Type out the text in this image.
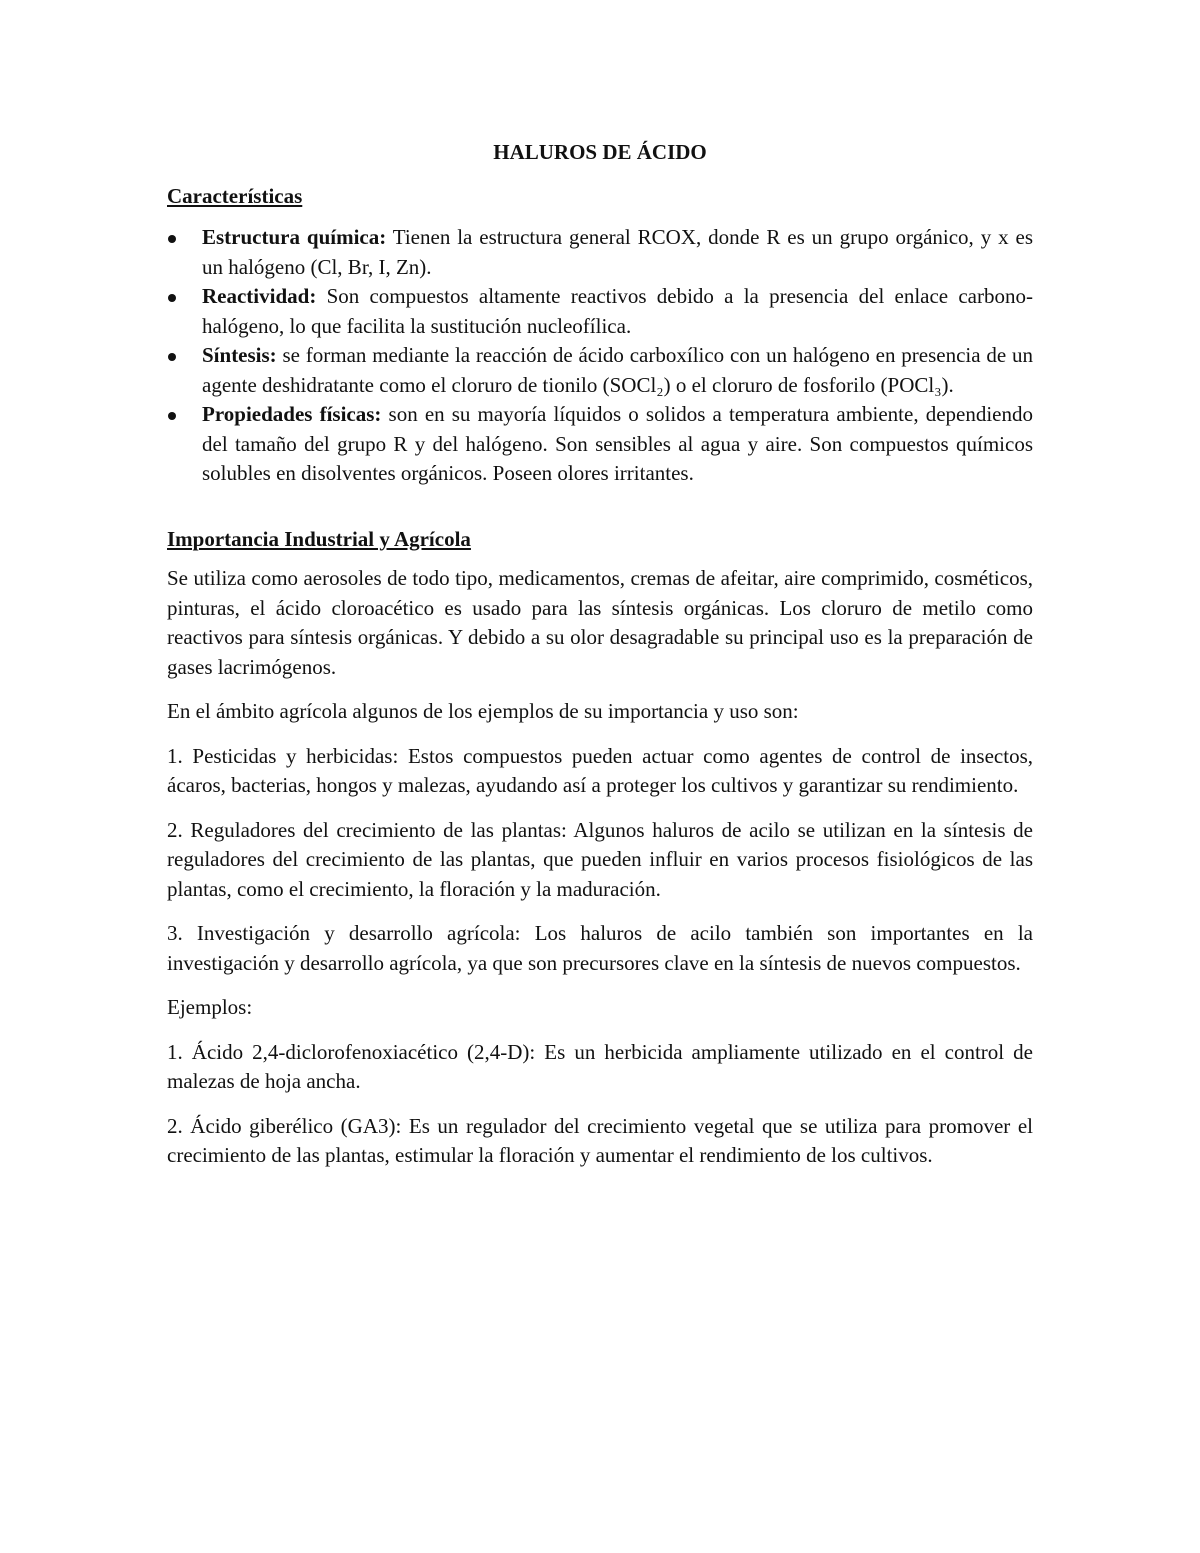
HALUROS DE ÁCIDO
Características
Estructura química: Tienen la estructura general RCOX, donde R es un grupo orgánico, y x es un halógeno (Cl, Br, I, Zn).
Reactividad: Son compuestos altamente reactivos debido a la presencia del enlace carbono-halógeno, lo que facilita la sustitución nucleofílica.
Síntesis: se forman mediante la reacción de ácido carboxílico con un halógeno en presencia de un agente deshidratante como el cloruro de tionilo (SOCl₂) o el cloruro de fosforilo (POCl₃).
Propiedades físicas: son en su mayoría líquidos o solidos a temperatura ambiente, dependiendo del tamaño del grupo R y del halógeno. Son sensibles al agua y aire. Son compuestos químicos solubles en disolventes orgánicos. Poseen olores irritantes.
Importancia Industrial y Agrícola

Se utiliza como aerosoles de todo tipo, medicamentos, cremas de afeitar, aire comprimido, cosméticos, pinturas, el ácido cloroacético es usado para las síntesis orgánicas. Los cloruro de metilo como reactivos para síntesis orgánicas. Y debido a su olor desagradable su principal uso es la preparación de gases lacrimógenos.

En el ámbito agrícola algunos de los ejemplos de su importancia y uso son:

1. Pesticidas y herbicidas: Estos compuestos pueden actuar como agentes de control de insectos, ácaros, bacterias, hongos y malezas, ayudando así a proteger los cultivos y garantizar su rendimiento.

2. Reguladores del crecimiento de las plantas: Algunos haluros de acilo se utilizan en la síntesis de reguladores del crecimiento de las plantas, que pueden influir en varios procesos fisiológicos de las plantas, como el crecimiento, la floración y la maduración.

3. Investigación y desarrollo agrícola: Los haluros de acilo también son importantes en la investigación y desarrollo agrícola, ya que son precursores clave en la síntesis de nuevos compuestos.

Ejemplos:

1. Ácido 2,4-diclorofenoxiacético (2,4-D): Es un herbicida ampliamente utilizado en el control de malezas de hoja ancha.

2. Ácido giberélico (GA3): Es un regulador del crecimiento vegetal que se utiliza para promover el crecimiento de las plantas, estimular la floración y aumentar el rendimiento de los cultivos.
